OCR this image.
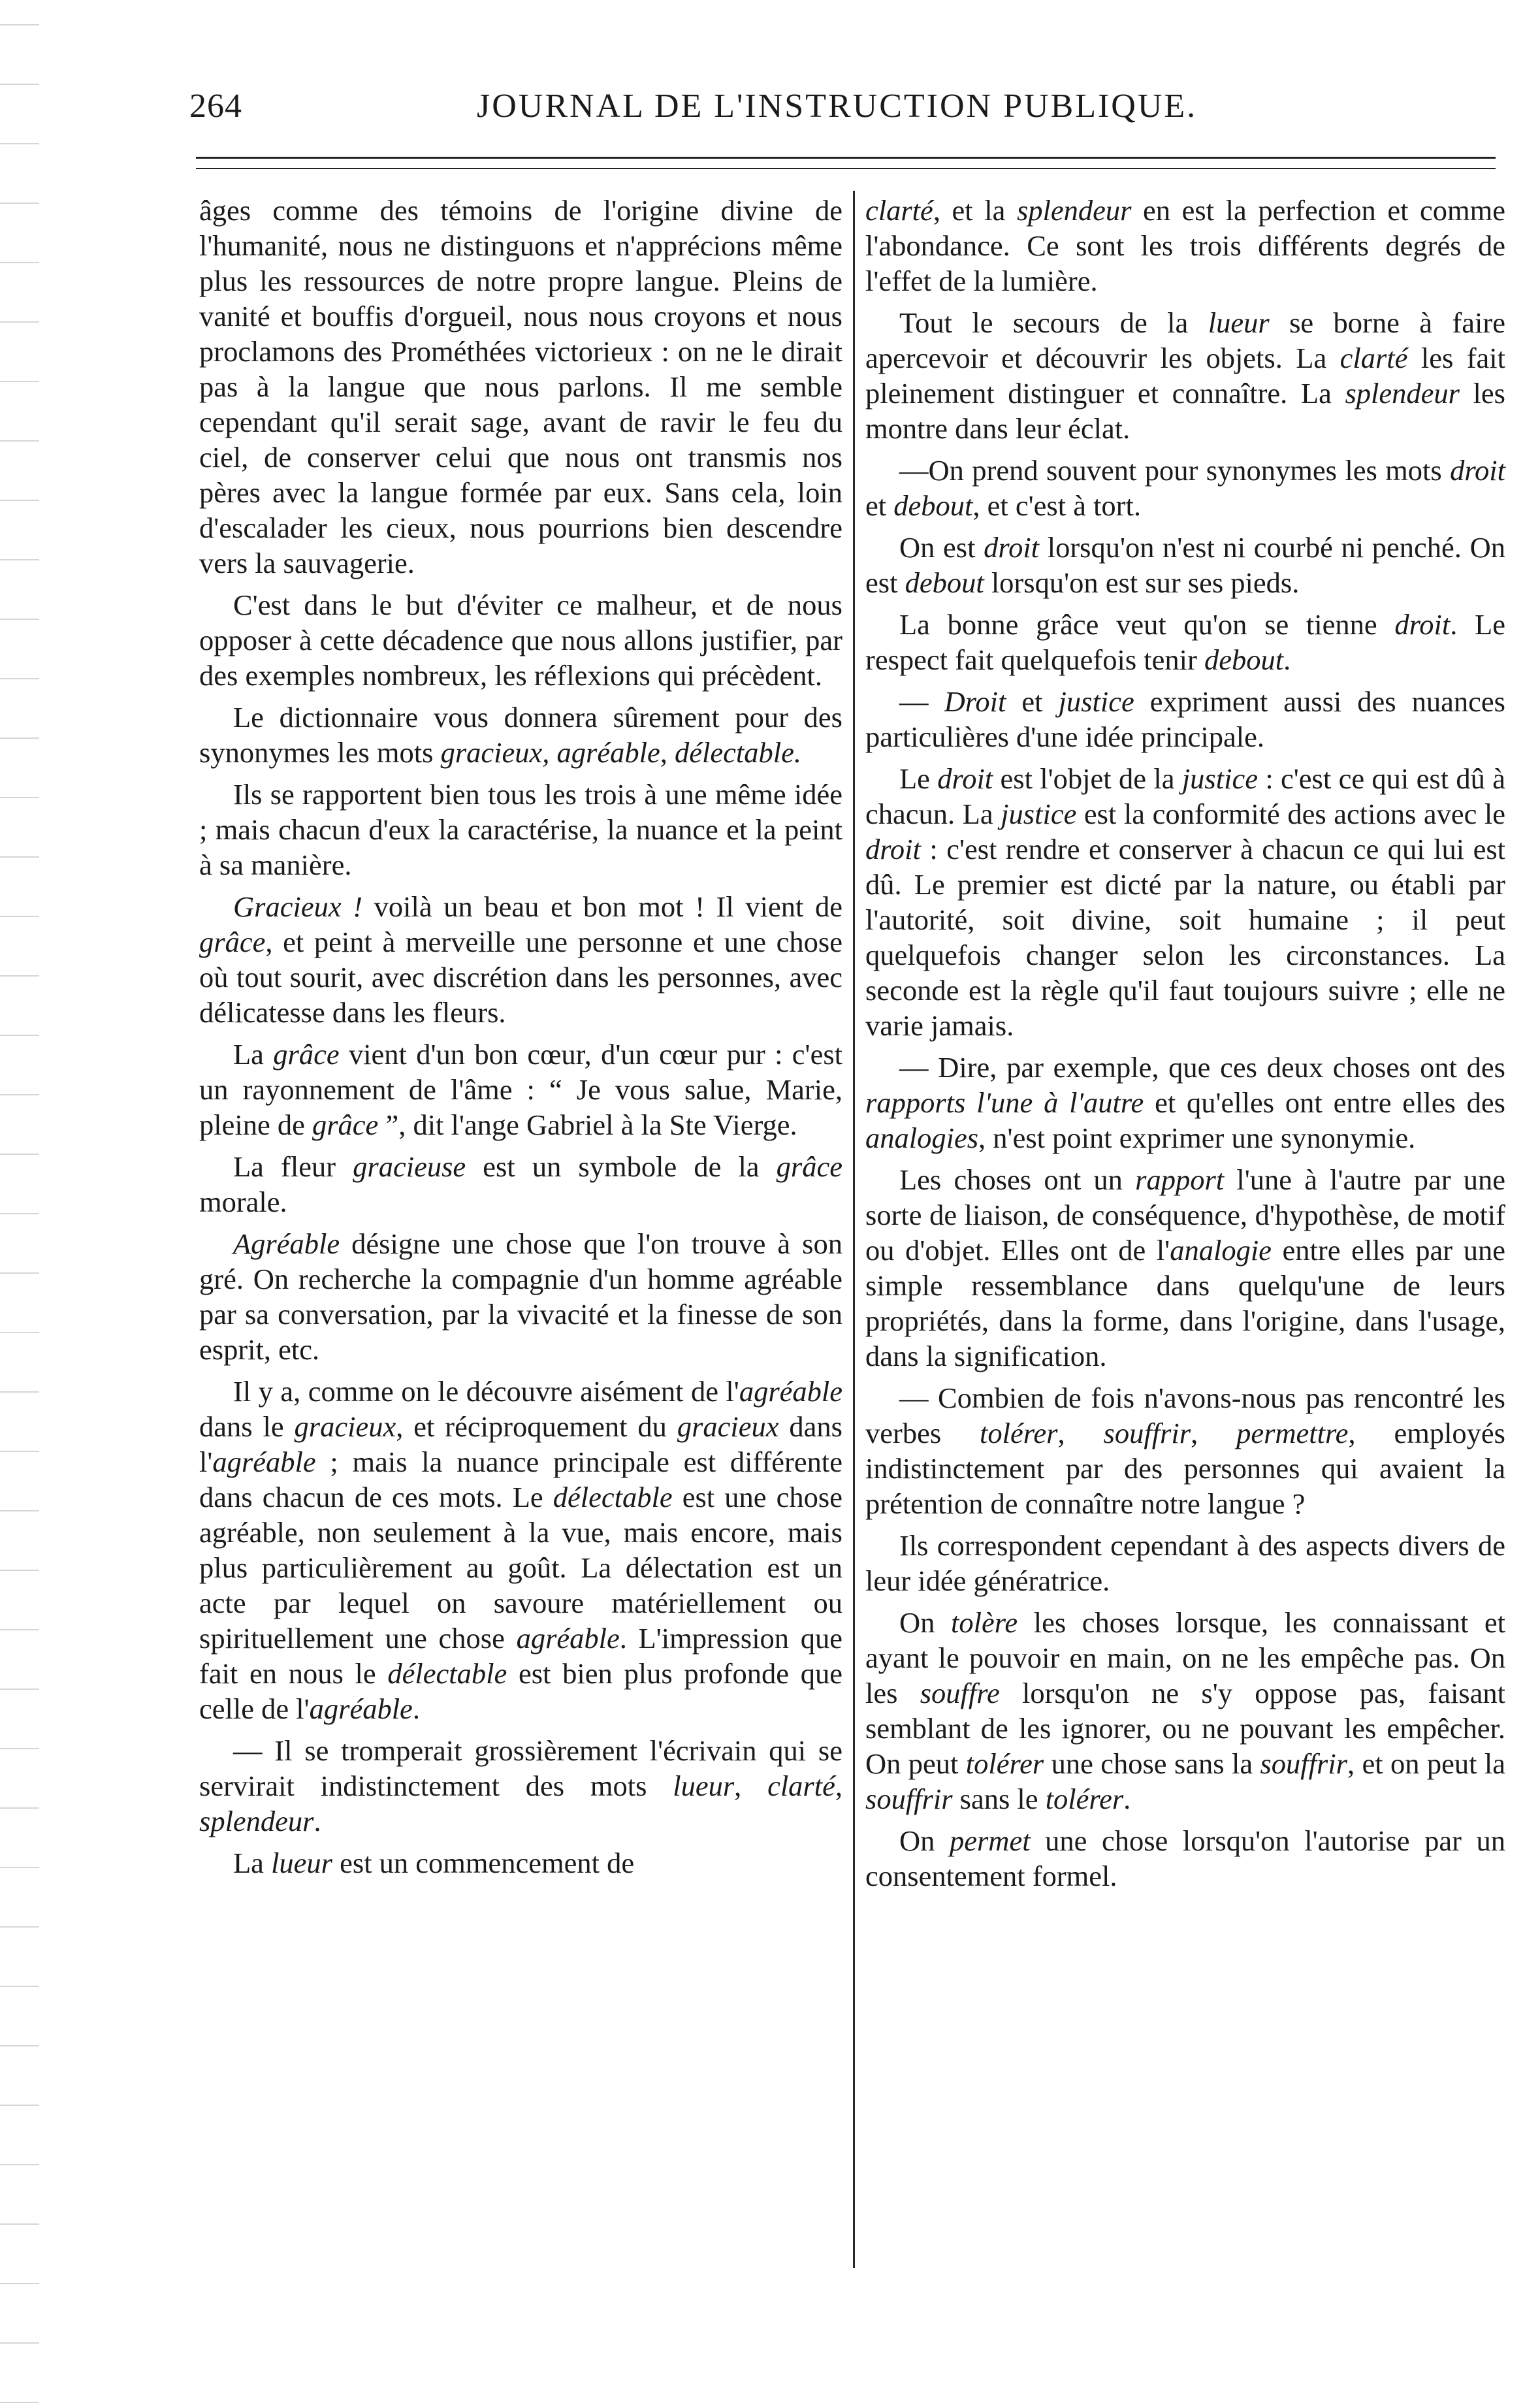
264	JOURNAL DE L'INSTRUCTION PUBLIQUE.

âges comme des témoins de l'origine divine de l'humanité, nous ne distinguons et n'apprécions même plus les ressources de notre propre langue. Pleins de vanité et bouffis d'orgueil, nous nous croyons et nous proclamons des Prométhées victorieux : on ne le dirait pas à la langue que nous parlons. Il me semble cependant qu'il serait sage, avant de ravir le feu du ciel, de conserver celui que nous ont transmis nos pères avec la langue formée par eux. Sans cela, loin d'escalader les cieux, nous pourrions bien descendre vers la sauvagerie.

C'est dans le but d'éviter ce malheur, et de nous opposer à cette décadence que nous allons justifier, par des exemples nombreux, les réflexions qui précèdent.

Le dictionnaire vous donnera sûrement pour des synonymes les mots gracieux, agréable, délectable.

Ils se rapportent bien tous les trois à une même idée ; mais chacun d'eux la caractérise, la nuance et la peint à sa manière.

Gracieux ! voilà un beau et bon mot ! Il vient de grâce, et peint à merveille une personne et une chose où tout sourit, avec discrétion dans les personnes, avec délicatesse dans les fleurs.

La grâce vient d'un bon cœur, d'un cœur pur : c'est un rayonnement de l'âme : “ Je vous salue, Marie, pleine de grâce ”, dit l'ange Gabriel à la Ste Vierge.

La fleur gracieuse est un symbole de la grâce morale.

Agréable désigne une chose que l'on trouve à son gré. On recherche la compagnie d'un homme agréable par sa conversation, par la vivacité et la finesse de son esprit, etc.

Il y a, comme on le découvre aisément de l'agréable dans le gracieux, et réciproquement du gracieux dans l'agréable ; mais la nuance principale est différente dans chacun de ces mots. Le délectable est une chose agréable, non seulement à la vue, mais encore, mais plus particulièrement au goût. La délectation est un acte par lequel on savoure matériellement ou spirituellement une chose agréable. L'impression que fait en nous le délectable est bien plus profonde que celle de l'agréable.

— Il se tromperait grossièrement l'écrivain qui se servirait indistinctement des mots lueur, clarté, splendeur.

La lueur est un commencement de

clarté, et la splendeur en est la perfection et comme l'abondance. Ce sont les trois différents degrés de l'effet de la lumière.

Tout le secours de la lueur se borne à faire apercevoir et découvrir les objets. La clarté les fait pleinement distinguer et connaître. La splendeur les montre dans leur éclat.

—On prend souvent pour synonymes les mots droit et debout, et c'est à tort.

On est droit lorsqu'on n'est ni courbé ni penché. On est debout lorsqu'on est sur ses pieds.

La bonne grâce veut qu'on se tienne droit. Le respect fait quelquefois tenir debout.

— Droit et justice expriment aussi des nuances particulières d'une idée principale.

Le droit est l'objet de la justice : c'est ce qui est dû à chacun. La justice est la conformité des actions avec le droit : c'est rendre et conserver à chacun ce qui lui est dû. Le premier est dicté par la nature, ou établi par l'autorité, soit divine, soit humaine ; il peut quelquefois changer selon les circonstances. La seconde est la règle qu'il faut toujours suivre ; elle ne varie jamais.

— Dire, par exemple, que ces deux choses ont des rapports l'une à l'autre et qu'elles ont entre elles des analogies, n'est point exprimer une synonymie.

Les choses ont un rapport l'une à l'autre par une sorte de liaison, de conséquence, d'hypothèse, de motif ou d'objet. Elles ont de l'analogie entre elles par une simple ressemblance dans quelqu'une de leurs propriétés, dans la forme, dans l'origine, dans l'usage, dans la signification.

— Combien de fois n'avons-nous pas rencontré les verbes tolérer, souffrir, permettre, employés indistinctement par des personnes qui avaient la prétention de connaître notre langue ?

Ils correspondent cependant à des aspects divers de leur idée génératrice.

On tolère les choses lorsque, les connaissant et ayant le pouvoir en main, on ne les empêche pas. On les souffre lorsqu'on ne s'y oppose pas, faisant semblant de les ignorer, ou ne pouvant les empêcher. On peut tolérer une chose sans la souffrir, et on peut la souffrir sans le tolérer.

On permet une chose lorsqu'on l'autorise par un consentement formel.
